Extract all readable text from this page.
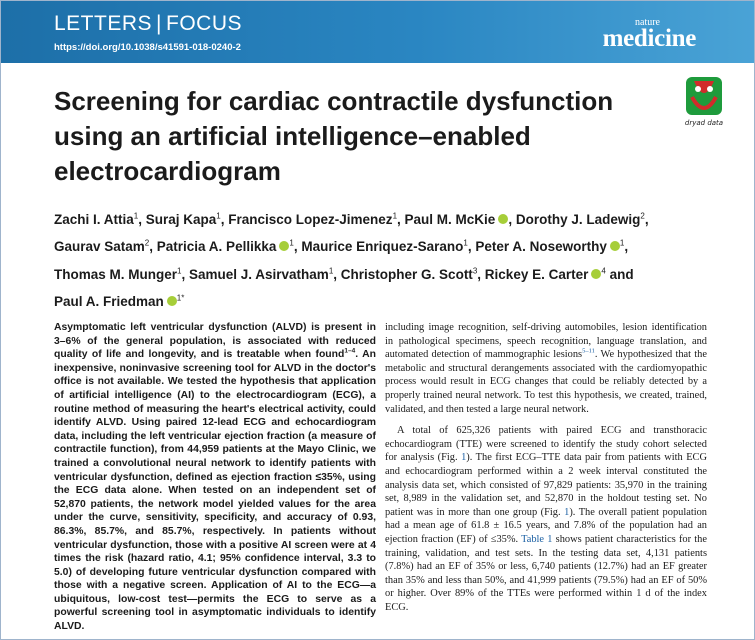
LETTERS | FOCUS
https://doi.org/10.1038/s41591-018-0240-2
nature
medicine
Screening for cardiac contractile dysfunction using an artificial intelligence–enabled electrocardiogram
dryad data
Zachi I. Attia$^1$, Suraj Kapa$^1$, Francisco Lopez-Jimenez$^1$, Paul M. McKie , Dorothy J. Ladewig$^2$, Gaurav Satam$^2$, Patricia A. Pellikka $^1$, Maurice Enriquez-Sarano$^1$, Peter A. Noseworthy $^1$, Thomas M. Munger$^1$, Samuel J. Asirvatham$^1$, Christopher G. Scott$^3$, Rickey E. Carter $^4$ and Paul A. Friedman $^{1*}$
Asymptomatic left ventricular dysfunction (ALVD) is present in 3–6% of the general population, is associated with reduced quality of life and longevity, and is treatable when found$^{1-4}$. An inexpensive, noninvasive screening tool for ALVD in the doctor's office is not available. We tested the hypothesis that application of artificial intelligence (AI) to the electrocardiogram (ECG), a routine method of measuring the heart's electrical activity, could identify ALVD. Using paired 12-lead ECG and echocardiogram data, including the left ventricular ejection fraction (a measure of contractile function), from 44,959 patients at the Mayo Clinic, we trained a convolutional neural network to identify patients with ventricular dysfunction, defined as ejection fraction ≤35%, using the ECG data alone. When tested on an independent set of 52,870 patients, the network model yielded values for the area under the curve, sensitivity, specificity, and accuracy of 0.93, 86.3%, 85.7%, and 85.7%, respectively. In patients without ventricular dysfunction, those with a positive AI screen were at 4 times the risk (hazard ratio, 4.1; 95% confidence interval, 3.3 to 5.0) of developing future ventricular dysfunction compared with those with a negative screen. Application of AI to the ECG—a ubiquitous, low-cost test—permits the ECG to serve as a powerful screening tool in asymptomatic individuals to identify ALVD.

including image recognition, self-driving automobiles, lesion identification in pathological specimens, speech recognition, language translation, and automated detection of mammographic lesions$^{5-11}$. We hypothesized that the metabolic and structural derangements associated with the cardiomyopathic process would result in ECG changes that could be reliably detected by a properly trained neural network. To test this hypothesis, we created, trained, validated, and then tested a large neural network.

A total of 625,326 patients with paired ECG and transthoracic echocardiogram (TTE) were screened to identify the study cohort selected for analysis (Fig. 1). The first ECG–TTE data pair from patients with ECG and echocardiogram performed within a 2 week interval constituted the analysis data set, which consisted of 97,829 patients: 35,970 in the training set, 8,989 in the validation set, and 52,870 in the holdout testing set. No patient was in more than one group (Fig. 1). The overall patient population had a mean age of 61.8 ± 16.5 years, and 7.8% of the population had an ejection fraction (EF) of ≤35%. Table 1 shows patient characteristics for the training, validation, and test sets. In the testing data set, 4,131 patients (7.8%) had an EF of 35% or less, 6,740 patients (12.7%) had an EF greater than 35% and less than 50%, and 41,999 patients (79.5%) had an EF of 50% or higher. Over 89% of the TTEs were performed within 1 d of the index ECG.
